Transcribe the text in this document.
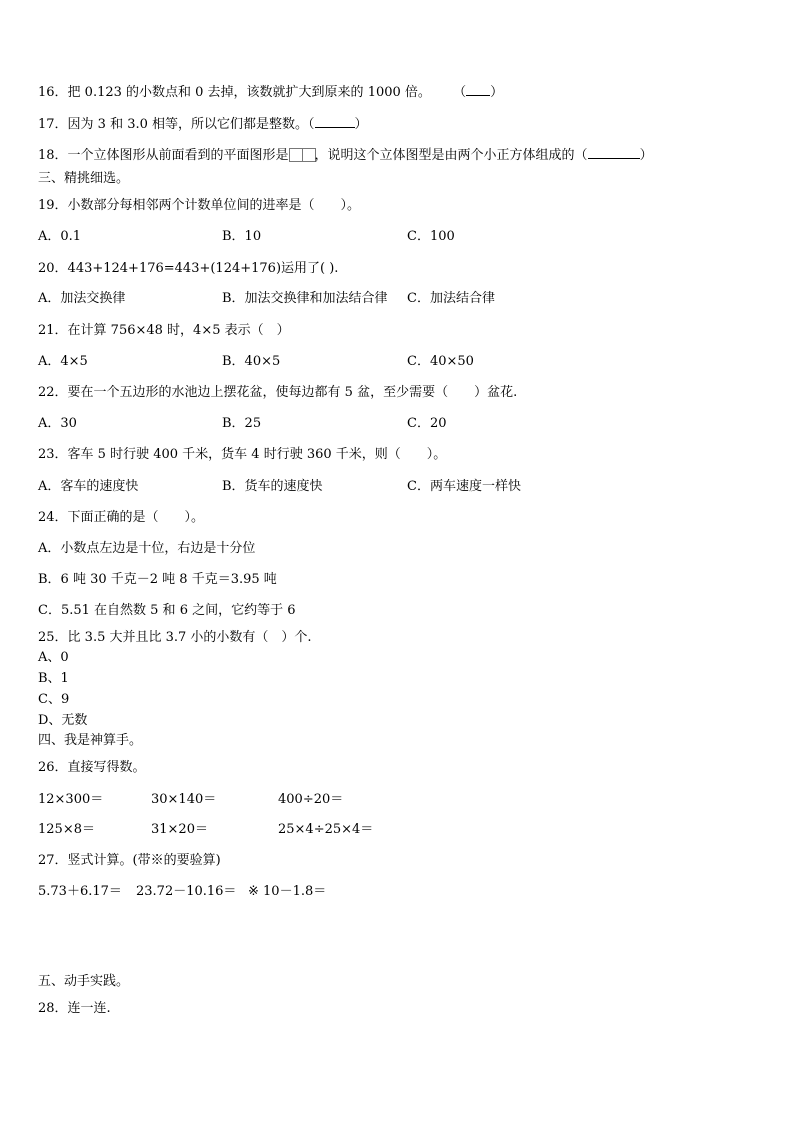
16．把 0.123 的小数点和 0 去掉，该数就扩大到原来的 1000 倍。 （ ）
17．因为 3 和 3.0 相等，所以它们都是整数。（	）
18．一个立体图形从前面看到的平面图形是 ，说明这个立体图型是由两个小正方体组成的（	）
三、精挑细选。
19．小数部分每相邻两个计数单位间的进率是（　　）。
A．0.1	B．10	C．100
20．443+124+176=443+(124+176)运用了( ).
A．加法交换律	B．加法交换律和加法结合律 C．加法结合律
21．在计算 756×48 时，4×5 表示（　）
A．4×5	B．40×5	C．40×50
22．要在一个五边形的水池边上摆花盆，使每边都有 5 盆，至少需要（　　）盆花.
A．30	B．25	C．20
23．客车 5 时行驶 400 千米，货车 4 时行驶 360 千米，则（　　）。
A．客车的速度快	B．货车的速度快	C．两车速度一样快
24．下面正确的是（　　）。
A．小数点左边是十位，右边是十分位
B．6 吨 30 千克－2 吨 8 千克＝3.95 吨
C．5.51 在自然数 5 和 6 之间，它约等于 6
25．比 3.5 大并且比 3.7 小的小数有（　）个.
A、0
B、1
C、9
D、无数
四、我是神算手。
26．直接写得数。
12×300＝	30×140＝	400÷20＝
125×8＝	31×20＝	25×4÷25×4＝
27．竖式计算。(带※的要验算)
5.73＋6.17＝ 23.72－10.16＝ ※ 10－1.8＝
五、动手实践。
28．连一连.
